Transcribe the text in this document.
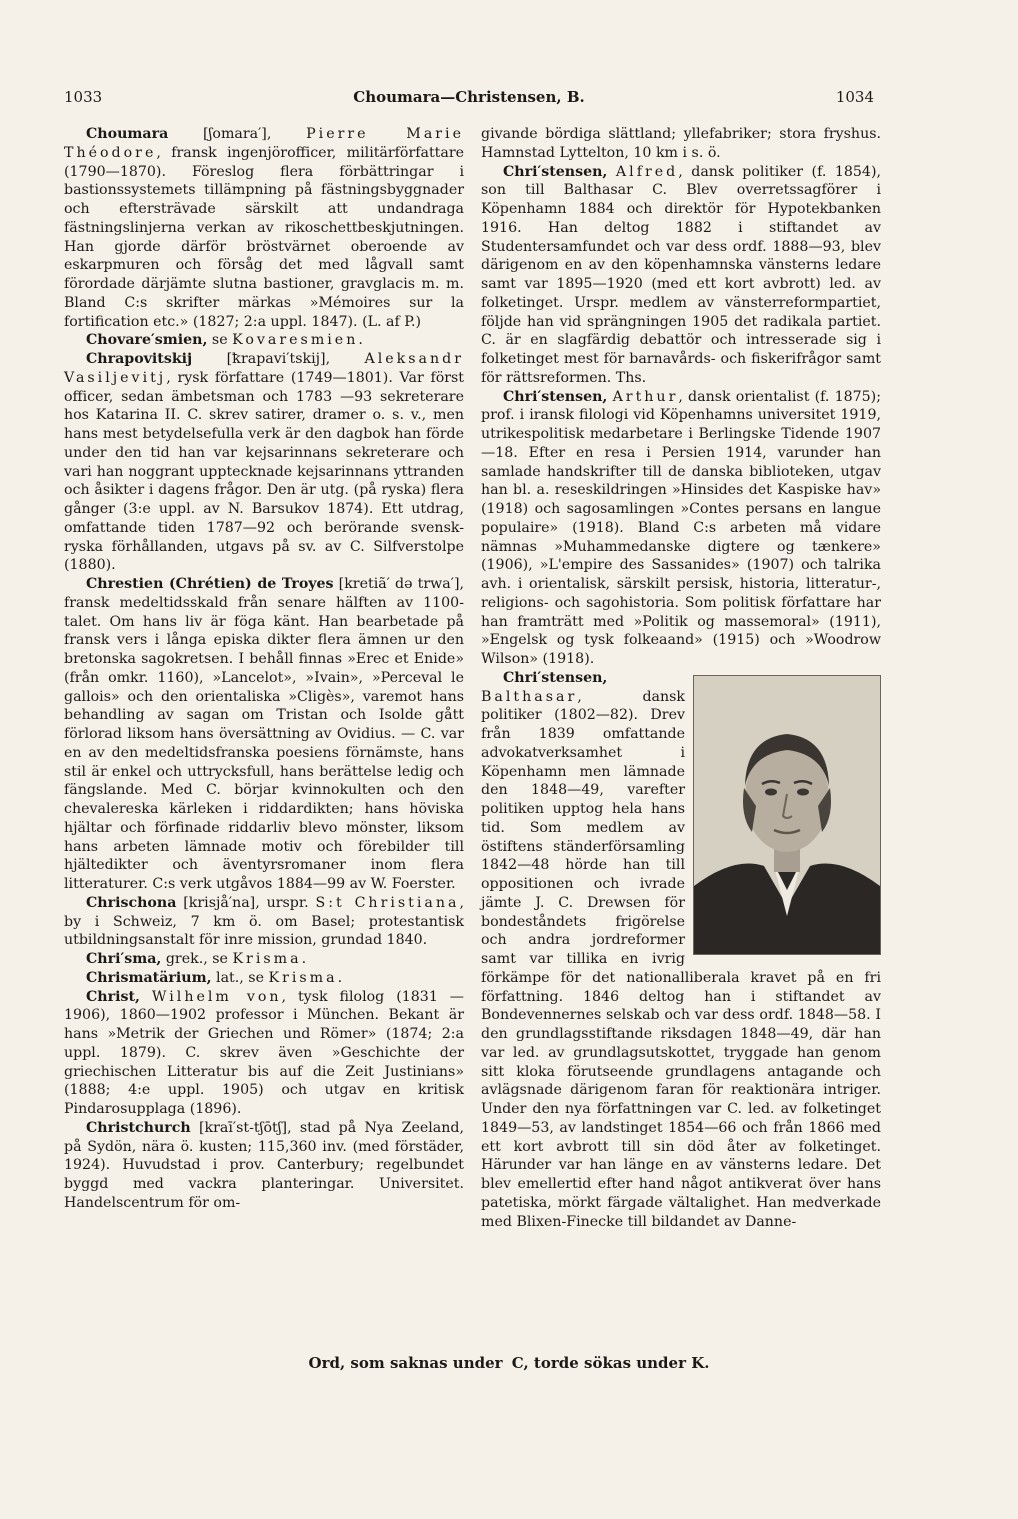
1033	Choumara—Christensen, B.	1034

Choumara [ʃomara′], Pierre Marie Théodore, fransk ingenjörofficer, militärförfattare (1790—1870). Föreslog flera förbättringar i bastionssystemets tillämpning på fästningsbyggnader och eftersträvade särskilt att undandraga fästningslinjerna verkan av rikoschettbeskjutningen. Han gjorde därför bröstvärnet oberoende av eskarpmuren och försåg det med lågvall samt förordade därjämte slutna bastioner, gravglacis m. m. Bland C:s skrifter märkas »Mémoires sur la fortification etc.» (1827; 2:a uppl. 1847). (L. af P.)

Chovare′smien, se Kovaresmien.

Chrapovitskij [ꝁrapavi′tskij], Aleksandr Vasiljevitj, rysk författare (1749—1801). Var först officer, sedan ämbetsman och 1783 —93 sekreterare hos Katarina II. C. skrev satirer, dramer o. s. v., men hans mest betydelsefulla verk är den dagbok han förde under den tid han var kejsarinnans sekreterare och vari han noggrant upptecknade kejsarinnans yttranden och åsikter i dagens frågor. Den är utg. (på ryska) flera gånger (3:e uppl. av N. Barsukov 1874). Ett utdrag, omfattande tiden 1787—92 och berörande svensk-ryska förhållanden, utgavs på sv. av C. Silfverstolpe (1880).

Chrestien (Chrétien) de Troyes [kretiã′ də trwa′], fransk medeltidsskald från senare hälften av 1100-talet. Om hans liv är föga känt. Han bearbetade på fransk vers i långa episka dikter flera ämnen ur den bretonska sagokretsen. I behåll finnas »Erec et Enide» (från omkr. 1160), »Lancelot», »Ivain», »Perceval le gallois» och den orientaliska »Cligès», varemot hans behandling av sagan om Tristan och Isolde gått förlorad liksom hans översättning av Ovidius. — C. var en av den medeltidsfranska poesiens förnämste, hans stil är enkel och uttrycksfull, hans berättelse ledig och fängslande. Med C. börjar kvinnokulten och den chevalereska kärleken i riddardikten; hans höviska hjältar och förfinade riddarliv blevo mönster, liksom hans arbeten lämnade motiv och förebilder till hjältedikter och äventyrsromaner inom flera litteraturer. C:s verk utgåvos 1884—99 av W. Foerster.

Chrischona [krisjå′na], urspr. S:t Christiana, by i Schweiz, 7 km ö. om Basel; protestantisk utbildningsanstalt för inre mission, grundad 1840.

Chri′sma, grek., se Krisma.

Chrismatärium, lat., se Krisma.

Christ, Wilhelm von, tysk filolog (1831 —1906), 1860—1902 professor i München. Bekant är hans »Metrik der Griechen und Römer» (1874; 2:a uppl. 1879). C. skrev även »Geschichte der griechischen Litteratur bis auf die Zeit Justinians» (1888; 4:e uppl. 1905) och utgav en kritisk Pindarosupplaga (1896).

Christchurch [kraī′st-tʃōtʃ], stad på Nya Zeeland, på Sydön, nära ö. kusten; 115,360 inv. (med förstäder, 1924). Huvudstad i prov. Canterbury; regelbundet byggd med vackra planteringar. Universitet. Handelscentrum för om-

givande bördiga slättland; yllefabriker; stora fryshus. Hamnstad Lyttelton, 10 km i s. ö.

Chri′stensen, Alfred, dansk politiker (f. 1854), son till Balthasar C. Blev overretssagförer i Köpenhamn 1884 och direktör för Hypotekbanken 1916. Han deltog 1882 i stiftandet av Studentersamfundet och var dess ordf. 1888—93, blev därigenom en av den köpenhamnska vänsterns ledare samt var 1895—1920 (med ett kort avbrott) led. av folketinget. Urspr. medlem av vänsterreformpartiet, följde han vid sprängningen 1905 det radikala partiet. C. är en slagfärdig debattör och intresserade sig i folketinget mest för barnavårds- och fiskerifrågor samt för rättsreformen. Ths.

Chri′stensen, Arthur, dansk orientalist (f. 1875); prof. i iransk filologi vid Köpenhamns universitet 1919, utrikespolitisk medarbetare i Berlingske Tidende 1907—18. Efter en resa i Persien 1914, varunder han samlade handskrifter till de danska biblioteken, utgav han bl. a. reseskildringen »Hinsides det Kaspiske hav» (1918) och sagosamlingen »Contes persans en langue populaire» (1918). Bland C:s arbeten må vidare nämnas »Muhammedanske digtere og tænkere» (1906), »L'empire des Sassanides» (1907) och talrika avh. i orientalisk, särskilt persisk, historia, litteratur-, religions- och sagohistoria. Som politisk författare har han framträtt med »Politik og massemoral» (1911), »Engelsk og tysk folkeaand» (1915) och »Woodrow Wilson» (1918).

Chri′stensen, Balthasar, dansk politiker (1802—82). Drev från 1839 omfattande advokatverksamhet i Köpenhamn men lämnade den 1848—49, varefter politiken upptog hela hans tid. Som medlem av östiftens ständerförsamling 1842—48 hörde han till oppositionen och ivrade jämte J. C. Drewsen för bondeståndets frigörelse och andra jordreformer samt var tillika en ivrig förkämpe för det nationalliberala kravet på en fri författning. 1846 deltog han i stiftandet av Bondevennernes selskab och var dess ordf. 1848—58. I den grundlagsstiftande riksdagen 1848—49, där han var led. av grundlagsutskottet, tryggade han genom sitt kloka förutseende grundlagens antagande och avlägsnade därigenom faran för reaktionära intriger. Under den nya författningen var C. led. av folketinget 1849—53, av landstinget 1854—66 och från 1866 med ett kort avbrott till sin död åter av folketinget. Härunder var han länge en av vänsterns ledare. Det blev emellertid efter hand något antikverat över hans patetiska, mörkt färgade vältalighet. Han medverkade med Blixen-Finecke till bildandet av Danne-

Ord, som saknas under C, torde sökas under K.
